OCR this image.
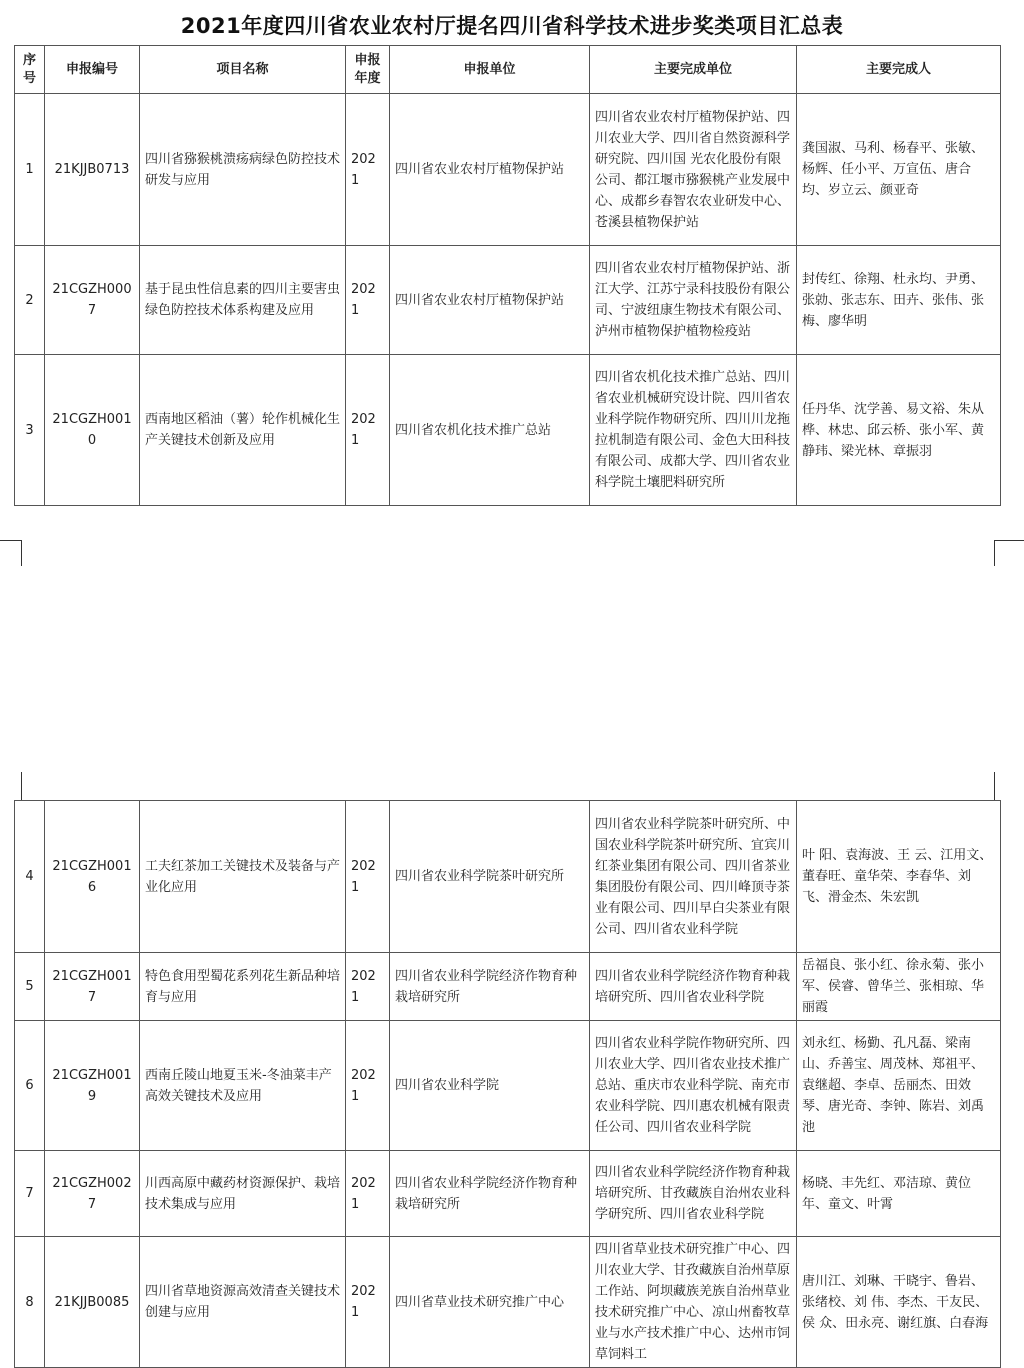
2021年度四川省农业农村厅提名四川省科学技术进步奖类项目汇总表
序号	申报编号	项目名称	申报年度	申报单位	主要完成单位	主要完成人
1	21KJJB0713	四川省猕猴桃溃疡病绿色防控技术研发与应用	2021	四川省农业农村厅植物保护站	四川省农业农村厅植物保护站、四川农业大学、四川省自然资源科学研究院、四川国 光农化股份有限公司、都江堰市猕猴桃产业发展中心、成都乡春智农农业研发中心、 苍溪县植物保护站	龚国淑、马利、杨春平、张敏、杨辉、任小平、万宣伍、唐合均、岁立云、颜亚奇
2	21CGZH0007	基于昆虫性信息素的四川主要害虫绿色防控技术体系构建及应用	2021	四川省农业农村厅植物保护站	四川省农业农村厅植物保护站、浙江大学、江苏宁录科技股份有限公司、宁波纽康生物技术有限公司、泸州市植物保护植物检疫站	封传红、徐翔、杜永均、尹勇、张勍、张志东、田卉、张伟、张梅、廖华明
3	21CGZH0010	西南地区稻油（薯）轮作机械化生产关键技术创新及应用	2021	四川省农机化技术推广总站	四川省农机化技术推广总站、四川省农业机械研究设计院、四川省农业科学院作物研究所、四川川龙拖拉机制造有限公司、金色大田科技有限公司、成都大学、四川省农业科学院土壤肥料研究所	任丹华、沈学善、易文裕、朱从桦、林忠、邱云桥、张小军、黄静玮、梁光林、章振羽
4	21CGZH0016	工夫红茶加工关键技术及装备与产业化应用	2021	四川省农业科学院茶叶研究所	四川省农业科学院茶叶研究所、中国农业科学院茶叶研究所、宜宾川红茶业集团有限公司、四川省茶业集团股份有限公司、四川峰顶寺茶业有限公司、四川早白尖茶业有限公司、四川省农业科学院	叶 阳、袁海波、王 云、江用文、董春旺、童华荣、李春华、刘 飞、滑金杰、朱宏凯
5	21CGZH0017	特色食用型蜀花系列花生新品种培育与应用	2021	四川省农业科学院经济作物育种栽培研究所	四川省农业科学院经济作物育种栽培研究所、四川省农业科学院	岳福良、张小红、徐永菊、张小军、侯睿、曾华兰、张相琼、华丽霞
6	21CGZH0019	西南丘陵山地夏玉米-冬油菜丰产高效关键技术及应用	2021	四川省农业科学院	四川省农业科学院作物研究所、四川农业大学、四川省农业技术推广总站、重庆市农业科学院、南充市农业科学院、四川惠农机械有限责任公司、四川省农业科学院	刘永红、杨勤、孔凡磊、梁南山、乔善宝、周茂林、郑祖平、袁继超、李卓、岳丽杰、田效琴、唐光奇、李钟、陈岩、刘禹池
7	21CGZH0027	川西高原中藏药材资源保护、栽培技术集成与应用	2021	四川省农业科学院经济作物育种栽培研究所	四川省农业科学院经济作物育种栽培研究所、甘孜藏族自治州农业科学研究所、四川省农业科学院	杨晓、丰先红、邓洁琼、黄位年、童文、叶霄
8	21KJJB0085	四川省草地资源高效清查关键技术创建与应用	2021	四川省草业技术研究推广中心	四川省草业技术研究推广中心、四川农业大学、甘孜藏族自治州草原工作站、阿坝藏族羌族自治州草业技术研究推广中心、凉山州畜牧草业与水产技术推广中心、达州市饲草饲料工	唐川江、刘琳、干晓宇、鲁岩、张绪校、刘 伟、李杰、干友民、侯 众、田永亮、谢红旗、白春海
